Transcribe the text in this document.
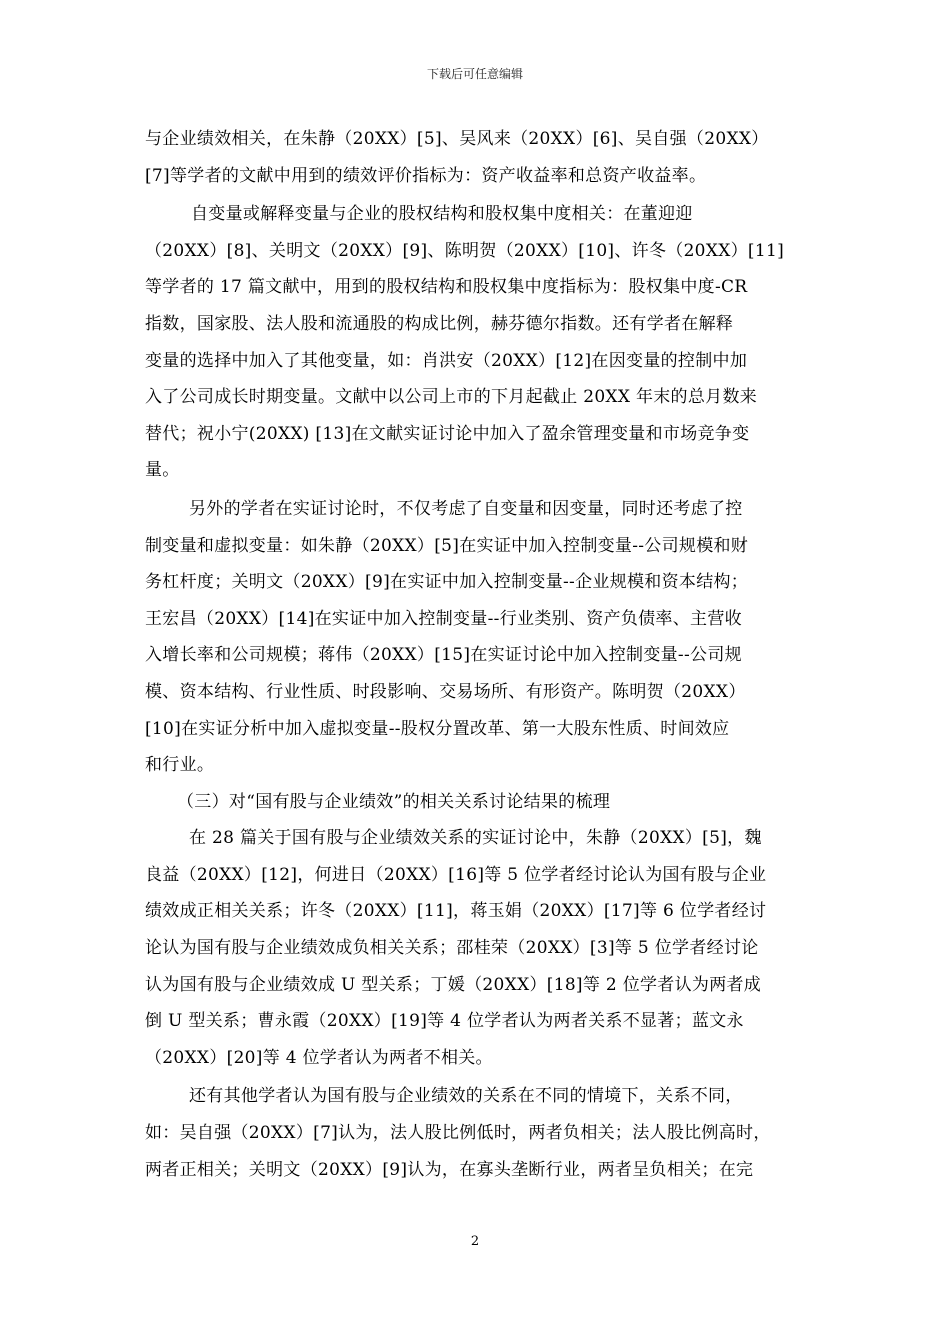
下载后可任意编辑
与企业绩效相关，在朱静（20XX）[5]、吴风来（20XX）[6]、吴自强（20XX）
[7]等学者的文献中用到的绩效评价指标为：资产收益率和总资产收益率。
自变量或解释变量与企业的股权结构和股权集中度相关：在董迎迎
（20XX）[8]、关明文（20XX）[9]、陈明贺（20XX）[10]、许冬（20XX）[11]
等学者的 17 篇文献中，用到的股权结构和股权集中度指标为：股权集中度-CR
指数，国家股、法人股和流通股的构成比例，赫芬德尔指数。还有学者在解释
变量的选择中加入了其他变量，如：肖洪安（20XX）[12]在因变量的控制中加
入了公司成长时期变量。文献中以公司上市的下月起截止 20XX 年末的总月数来
替代；祝小宁(20XX) [13]在文献实证讨论中加入了盈余管理变量和市场竞争变
量。
另外的学者在实证讨论时，不仅考虑了自变量和因变量，同时还考虑了控
制变量和虚拟变量：如朱静（20XX）[5]在实证中加入控制变量--公司规模和财
务杠杆度；关明文（20XX）[9]在实证中加入控制变量--企业规模和资本结构；
王宏昌（20XX）[14]在实证中加入控制变量--行业类别、资产负债率、主营收
入增长率和公司规模；蒋伟（20XX）[15]在实证讨论中加入控制变量--公司规
模、资本结构、行业性质、时段影响、交易场所、有形资产。陈明贺（20XX）
[10]在实证分析中加入虚拟变量--股权分置改革、第一大股东性质、时间效应
和行业。
（三）对“国有股与企业绩效”的相关关系讨论结果的梳理
在 28 篇关于国有股与企业绩效关系的实证讨论中，朱静（20XX）[5]，魏
良益（20XX）[12]，何进日（20XX）[16]等 5 位学者经讨论认为国有股与企业
绩效成正相关关系；许冬（20XX）[11]，蒋玉娟（20XX）[17]等 6 位学者经讨
论认为国有股与企业绩效成负相关关系；邵桂荣（20XX）[3]等 5 位学者经讨论
认为国有股与企业绩效成 U 型关系；丁媛（20XX）[18]等 2 位学者认为两者成
倒 U 型关系；曹永霞（20XX）[19]等 4 位学者认为两者关系不显著；蓝文永
（20XX）[20]等 4 位学者认为两者不相关。
还有其他学者认为国有股与企业绩效的关系在不同的情境下，关系不同，
如：吴自强（20XX）[7]认为，法人股比例低时，两者负相关；法人股比例高时，
两者正相关；关明文（20XX）[9]认为，在寡头垄断行业，两者呈负相关；在完
2
